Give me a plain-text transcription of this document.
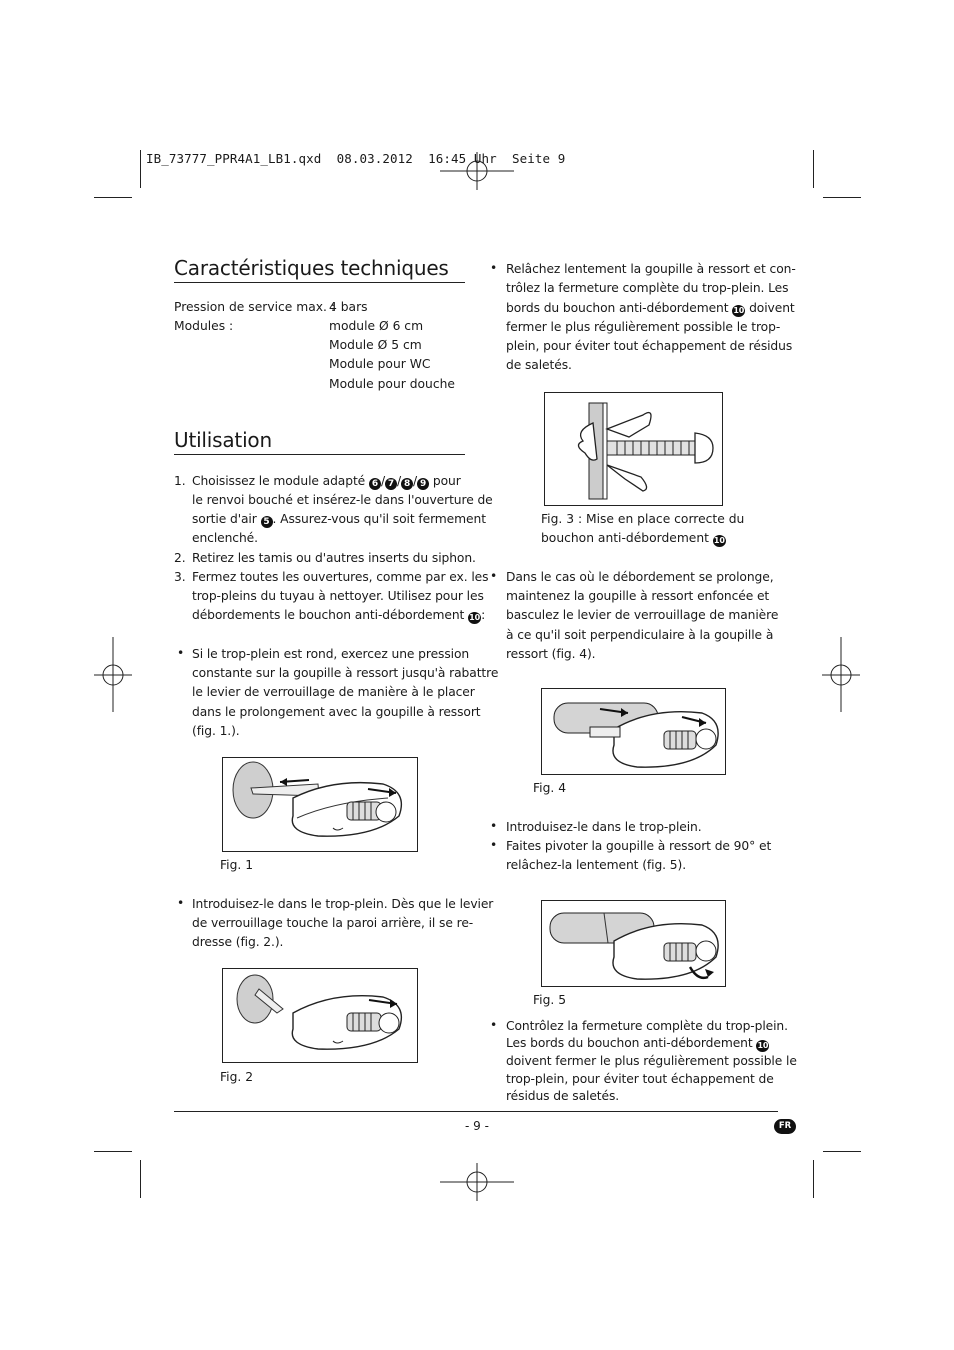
IB_73777_PPR4A1_LB1.qxd  08.03.2012  16:45 Uhr  Seite 9
Caractéristiques techniques
Pression de service max. :
4 bars
Modules :	module Ø 6 cm
Module Ø 5 cm
Module pour WC
Module pour douche
Utilisation
1. Choisissez le module adapté 6 / 7 / 8 / 9 pour
le renvoi bouché et insérez-le dans l'ouverture de
sortie d'air 5 . Assurez-vous qu'il soit fermement
enclenché.
2. Retirez les tamis ou d'autres inserts du siphon.
3. Fermez toutes les ouvertures, comme par ex. les
trop-pleins du tuyau à nettoyer. Utilisez pour les
débordements le bouchon anti-débordement 10:
• Si le trop-plein est rond, exercez une pression
constante sur la goupille à ressort jusqu'à rabattre
le levier de verrouillage de manière à le placer
dans le prolongement avec la goupille à ressort
(fig. 1.).
Fig. 1
• Introduisez-le dans le trop-plein. Dès que le levier
de verrouillage touche la paroi arrière, il se re-
dresse (fig. 2.).
Fig. 2
• Relâchez lentement la goupille à ressort et con-
trôlez la fermeture complète du trop-plein. Les
bords du bouchon anti-débordement 10 doivent
fermer le plus régulièrement possible le trop-
plein, pour éviter tout échappement de résidus
de saletés.
Fig. 3 : Mise en place correcte du
bouchon anti-débordement 10
• Dans le cas où le débordement se prolonge,
maintenez la goupille à ressort enfoncée et
basculez le levier de verrouillage de manière
à ce qu'il soit perpendiculaire à la goupille à
ressort (fig. 4).
Fig. 4
• Introduisez-le dans le trop-plein.
• Faites pivoter la goupille à ressort de 90° et
relâchez-la lentement (fig. 5).
Fig. 5
• Contrôlez la fermeture complète du trop-plein.
Les bords du bouchon anti-débordement 10
doivent fermer le plus régulièrement possible le
trop-plein, pour éviter tout échappement de
résidus de saletés.
- 9 -	FR
